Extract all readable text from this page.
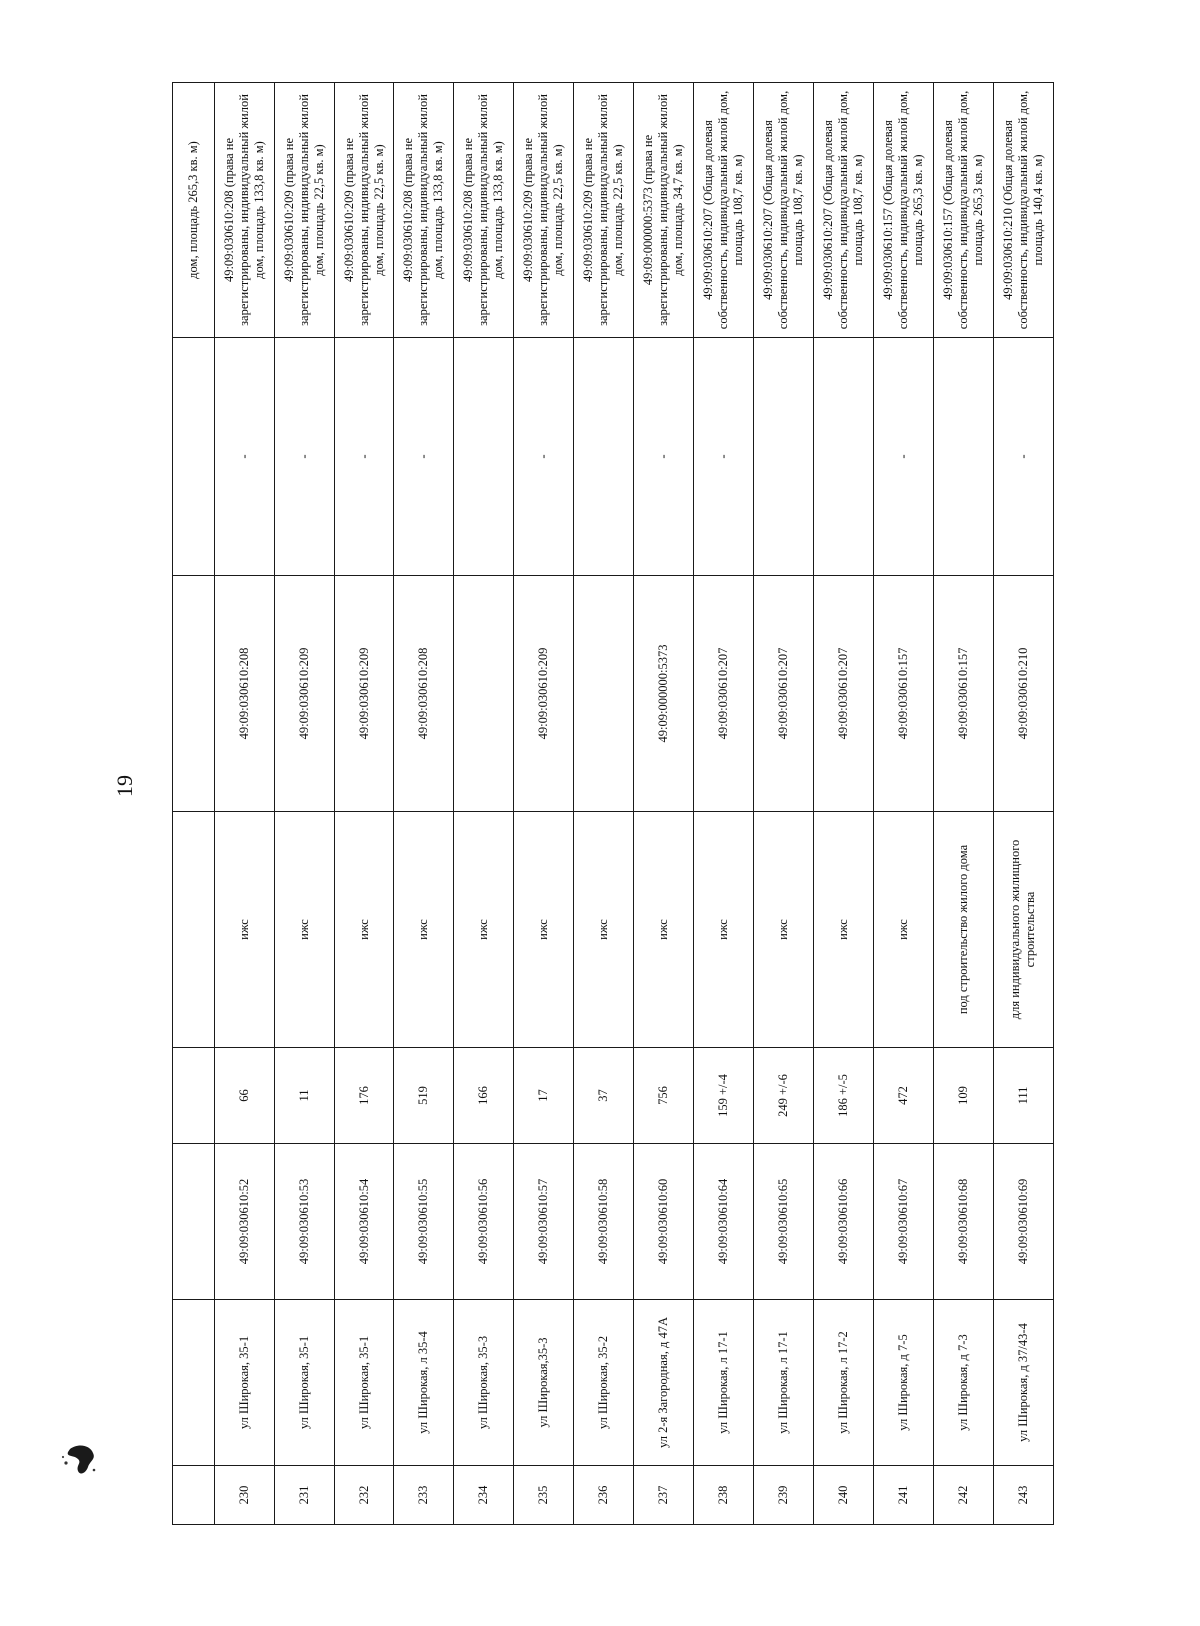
19
							дом, площадь 265,3 кв. м)
230	ул Широкая, 35-1	49:09:030610:52	66	ижс	49:09:030610:208	-	49:09:030610:208 (права не зарегистрированы, индивидуальный жилой дом, площадь 133,8 кв. м)
231	ул Широкая, 35-1	49:09:030610:53	11	ижс	49:09:030610:209	-	49:09:030610:209 (права не зарегистрированы, индивидуальный жилой дом, площадь 22,5 кв. м)
232	ул Широкая, 35-1	49:09:030610:54	176	ижс	49:09:030610:209	-	49:09:030610:209 (права не зарегистрированы, индивидуальный жилой дом, площадь 22,5 кв. м)
233	ул Широкая, л 35-4	49:09:030610:55	519	ижс	49:09:030610:208	-	49:09:030610:208 (права не зарегистрированы, индивидуальный жилой дом, площадь 133,8 кв. м)
234	ул Широкая, 35-3	49:09:030610:56	166	ижс			49:09:030610:208 (права не зарегистрированы, индивидуальный жилой дом, площадь 133,8 кв. м)
235	ул Широкая,35-3	49:09:030610:57	17	ижс	49:09:030610:209	-	49:09:030610:209 (права не зарегистрированы, индивидуальный жилой дом, площадь 22,5 кв. м)
236	ул Широкая, 35-2	49:09:030610:58	37	ижс			49:09:030610:209 (права не зарегистрированы, индивидуальный жилой дом, площадь 22,5 кв. м)
237	ул 2-я Загородная, д 47А	49:09:030610:60	756	ижс	49:09:000000:5373	-	49:09:000000:5373 (права не зарегистрированы, индивидуальный жилой дом, площадь 34,7 кв. м)
238	ул Широкая, л 17-1	49:09:030610:64	159 +/-4	ижс	49:09:030610:207	-	49:09:030610:207 (Общая долевая собственность, индивидуальный жилой дом, площадь 108,7 кв. м)
239	ул Широкая, л 17-1	49:09:030610:65	249 +/-6	ижс	49:09:030610:207		49:09:030610:207 (Общая долевая собственность, индивидуальный жилой дом, площадь 108,7 кв. м)
240	ул Широкая, л 17-2	49:09:030610:66	186 +/-5	ижс	49:09:030610:207		49:09:030610:207 (Общая долевая собственность, индивидуальный жилой дом, площадь 108,7 кв. м)
241	ул Широкая, д 7-5	49:09:030610:67	472	ижс	49:09:030610:157	-	49:09:030610:157 (Общая долевая собственность, индивидуальный жилой дом, площадь 265,3 кв. м)
242	ул Широкая, д 7-3	49:09:030610:68	109	под строительство жилого дома	49:09:030610:157		49:09:030610:157 (Общая долевая собственность, индивидуальный жилой дом, площадь 265,3 кв. м)
243	ул Широкая, д 37/43-4	49:09:030610:69	111	для индивидуального жилищного строительства	49:09:030610:210	-	49:09:030610:210 (Общая долевая собственность, индивидуальный жилой дом, площадь 140,4 кв. м)
